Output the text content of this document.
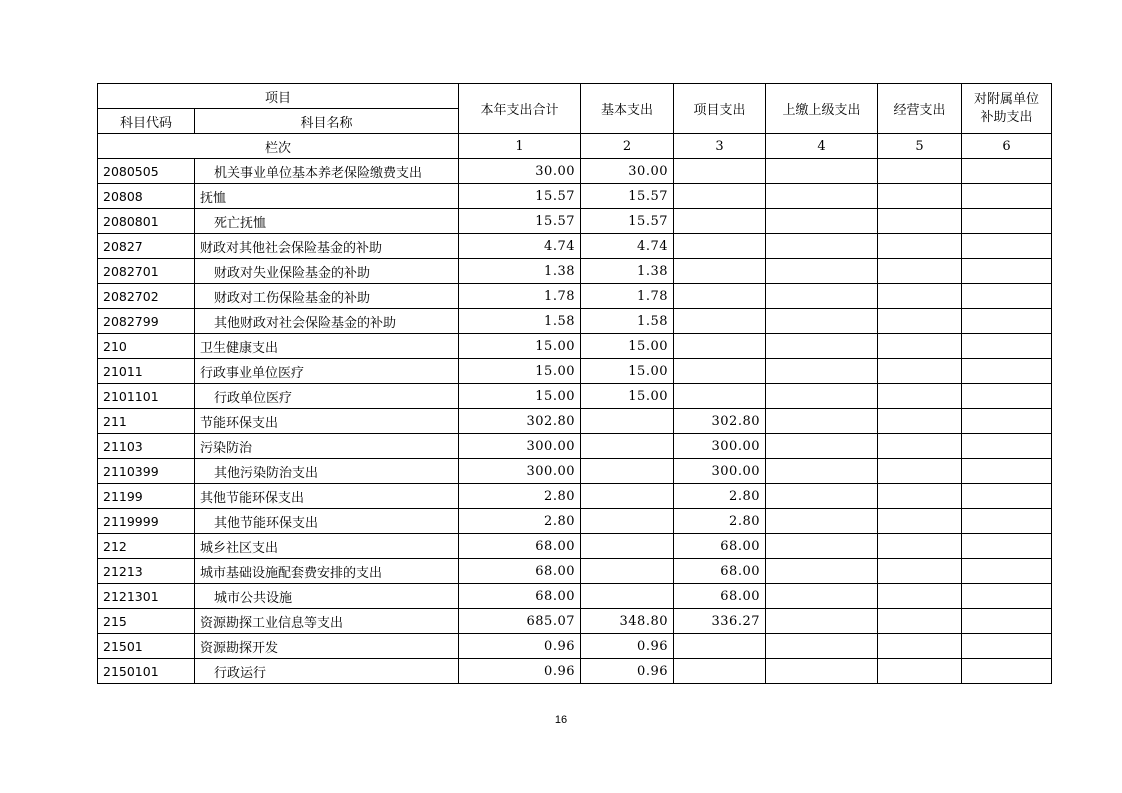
项目		本年支出合计	基本支出	项目支出	上缴上级支出	经营支出	对附属单位
补助支出
科目代码	科目名称						
栏次		1	2	3	4	5	6
2080505	机关事业单位基本养老保险缴费支出	30.00	30.00				
20808	抚恤	15.57	15.57				
2080801	死亡抚恤	15.57	15.57				
20827	财政对其他社会保险基金的补助	4.74	4.74				
2082701	财政对失业保险基金的补助	1.38	1.38				
2082702	财政对工伤保险基金的补助	1.78	1.78				
2082799	其他财政对社会保险基金的补助	1.58	1.58				
210	卫生健康支出	15.00	15.00				
21011	行政事业单位医疗	15.00	15.00				
2101101	行政单位医疗	15.00	15.00				
211	节能环保支出	302.80		302.80			
21103	污染防治	300.00		300.00			
2110399	其他污染防治支出	300.00		300.00			
21199	其他节能环保支出	2.80		2.80			
2119999	其他节能环保支出	2.80		2.80			
212	城乡社区支出	68.00		68.00			
21213	城市基础设施配套费安排的支出	68.00		68.00			
2121301	城市公共设施	68.00		68.00			
215	资源勘探工业信息等支出	685.07	348.80	336.27			
21501	资源勘探开发	0.96	0.96				
2150101	行政运行	0.96	0.96				
16
